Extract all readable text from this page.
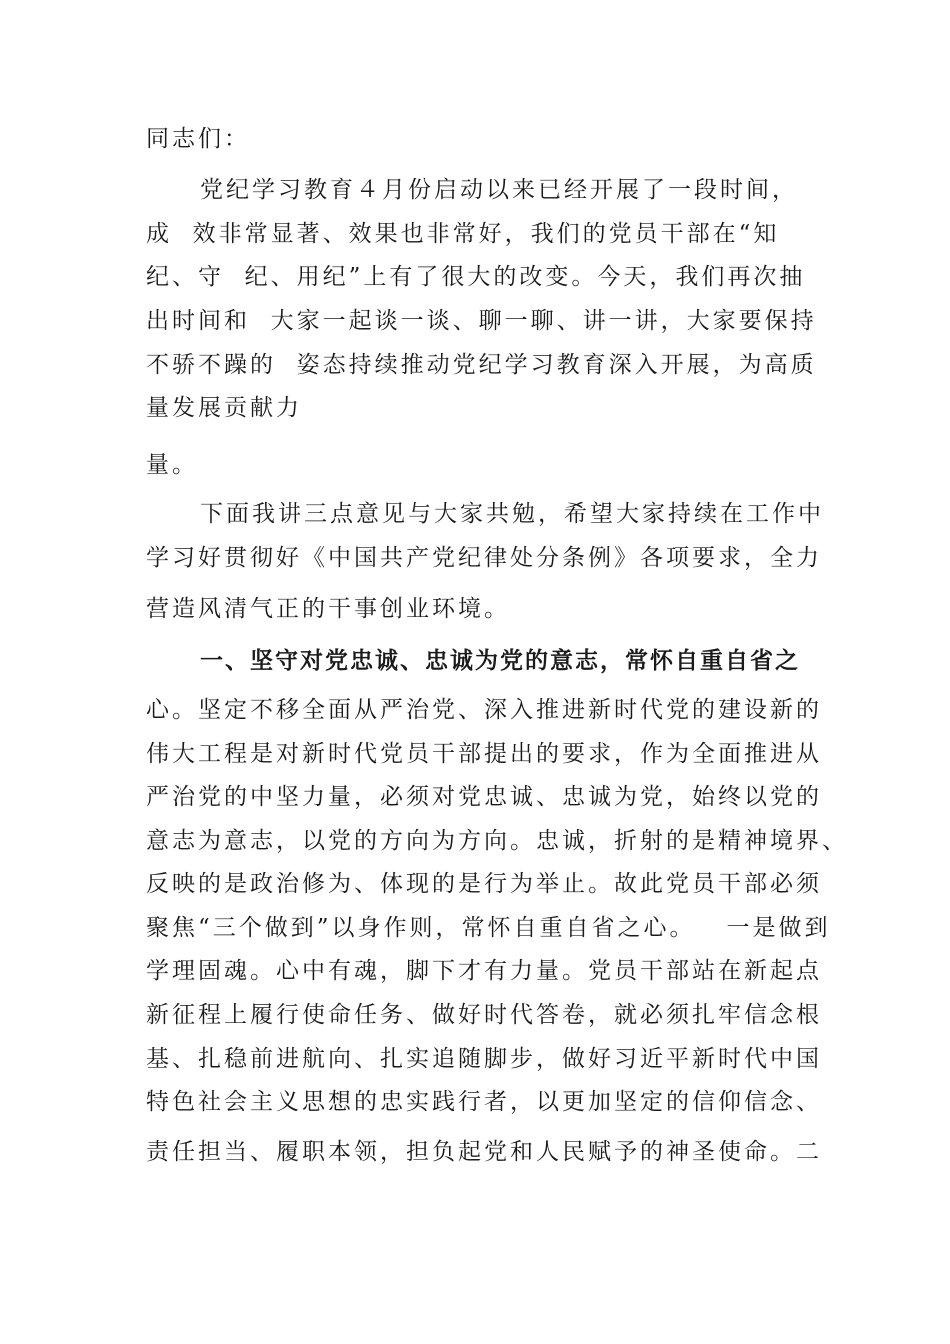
同志们：
党纪学习教育４月份启动以来已经开展了一段时间，
成  效非常显著、效果也非常好，我们的党员干部在“知
纪、守  纪、用纪”上有了很大的改变。今天，我们再次抽
出时间和  大家一起谈一谈、聊一聊、讲一讲，大家要保持
不骄不躁的  姿态持续推动党纪学习教育深入开展，为高质
量发展贡献力
量。
下面我讲三点意见与大家共勉，希望大家持续在工作中
学习好贯彻好《中国共产党纪律处分条例》各项要求，全力
营造风清气正的干事创业环境。
一、坚守对党忠诚、忠诚为党的意志，常怀自重自省之
心。坚定不移全面从严治党、深入推进新时代党的建设新的
伟大工程是对新时代党员干部提出的要求，作为全面推进从
严治党的中坚力量，必须对党忠诚、忠诚为党，始终以党的
意志为意志，以党的方向为方向。忠诚，折射的是精神境界、
反映的是政治修为、体现的是行为举止。故此党员干部必须
聚焦“三个做到”以身作则，常怀自重自省之心。   一是做到
学理固魂。心中有魂，脚下才有力量。党员干部站在新起点
新征程上履行使命任务、做好时代答卷，就必须扎牢信念根
基、扎稳前进航向、扎实追随脚步，做好习近平新时代中国
特色社会主义思想的忠实践行者，以更加坚定的信仰信念、
责任担当、履职本领，担负起党和人民赋予的神圣使命。二
